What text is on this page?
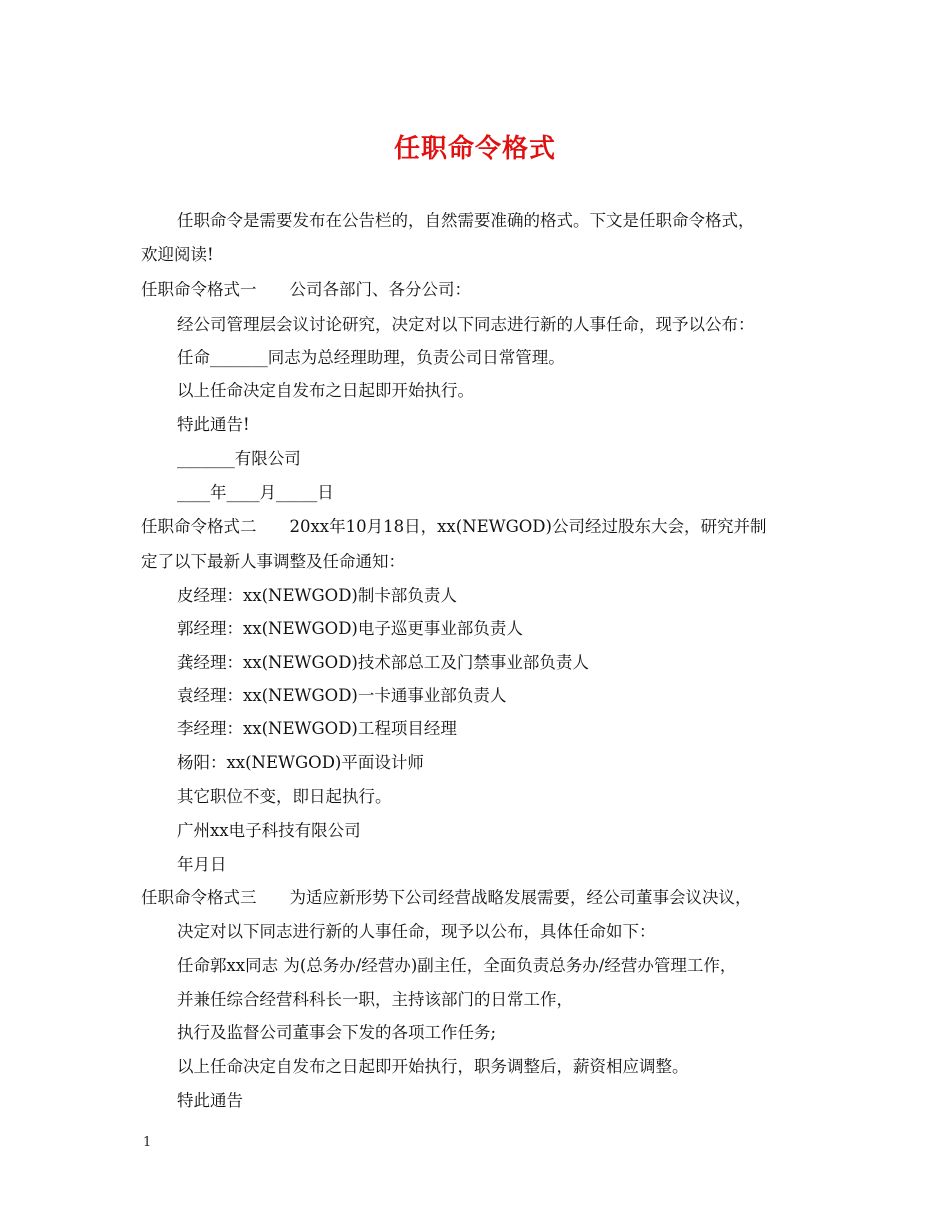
任职命令格式
任职命令是需要发布在公告栏的，自然需要准确的格式。下文是任职命令格式，
欢迎阅读!
任职命令格式一　　公司各部门、各分公司：
经公司管理层会议讨论研究，决定对以下同志进行新的人事任命，现予以公布：
任命_______同志为总经理助理，负责公司日常管理。
以上任命决定自发布之日起即开始执行。
特此通告!
_______有限公司
____年____月_____日
任职命令格式二　　20xx年10月18日，xx(NEWGOD)公司经过股东大会，研究并制
定了以下最新人事调整及任命通知：
皮经理：xx(NEWGOD)制卡部负责人
郭经理：xx(NEWGOD)电子巡更事业部负责人
龚经理：xx(NEWGOD)技术部总工及门禁事业部负责人
袁经理：xx(NEWGOD)一卡通事业部负责人
李经理：xx(NEWGOD)工程项目经理
杨阳：xx(NEWGOD)平面设计师
其它职位不变，即日起执行。
广州xx电子科技有限公司
年月日
任职命令格式三　　为适应新形势下公司经营战略发展需要，经公司董事会议决议，
决定对以下同志进行新的人事任命，现予以公布，具体任命如下：
任命郭xx同志 为(总务办/经营办)副主任，全面负责总务办/经营办管理工作，
并兼任综合经营科科长一职，主持该部门的日常工作，
执行及监督公司董事会下发的各项工作任务;
以上任命决定自发布之日起即开始执行，职务调整后，薪资相应调整。
特此通告
1
